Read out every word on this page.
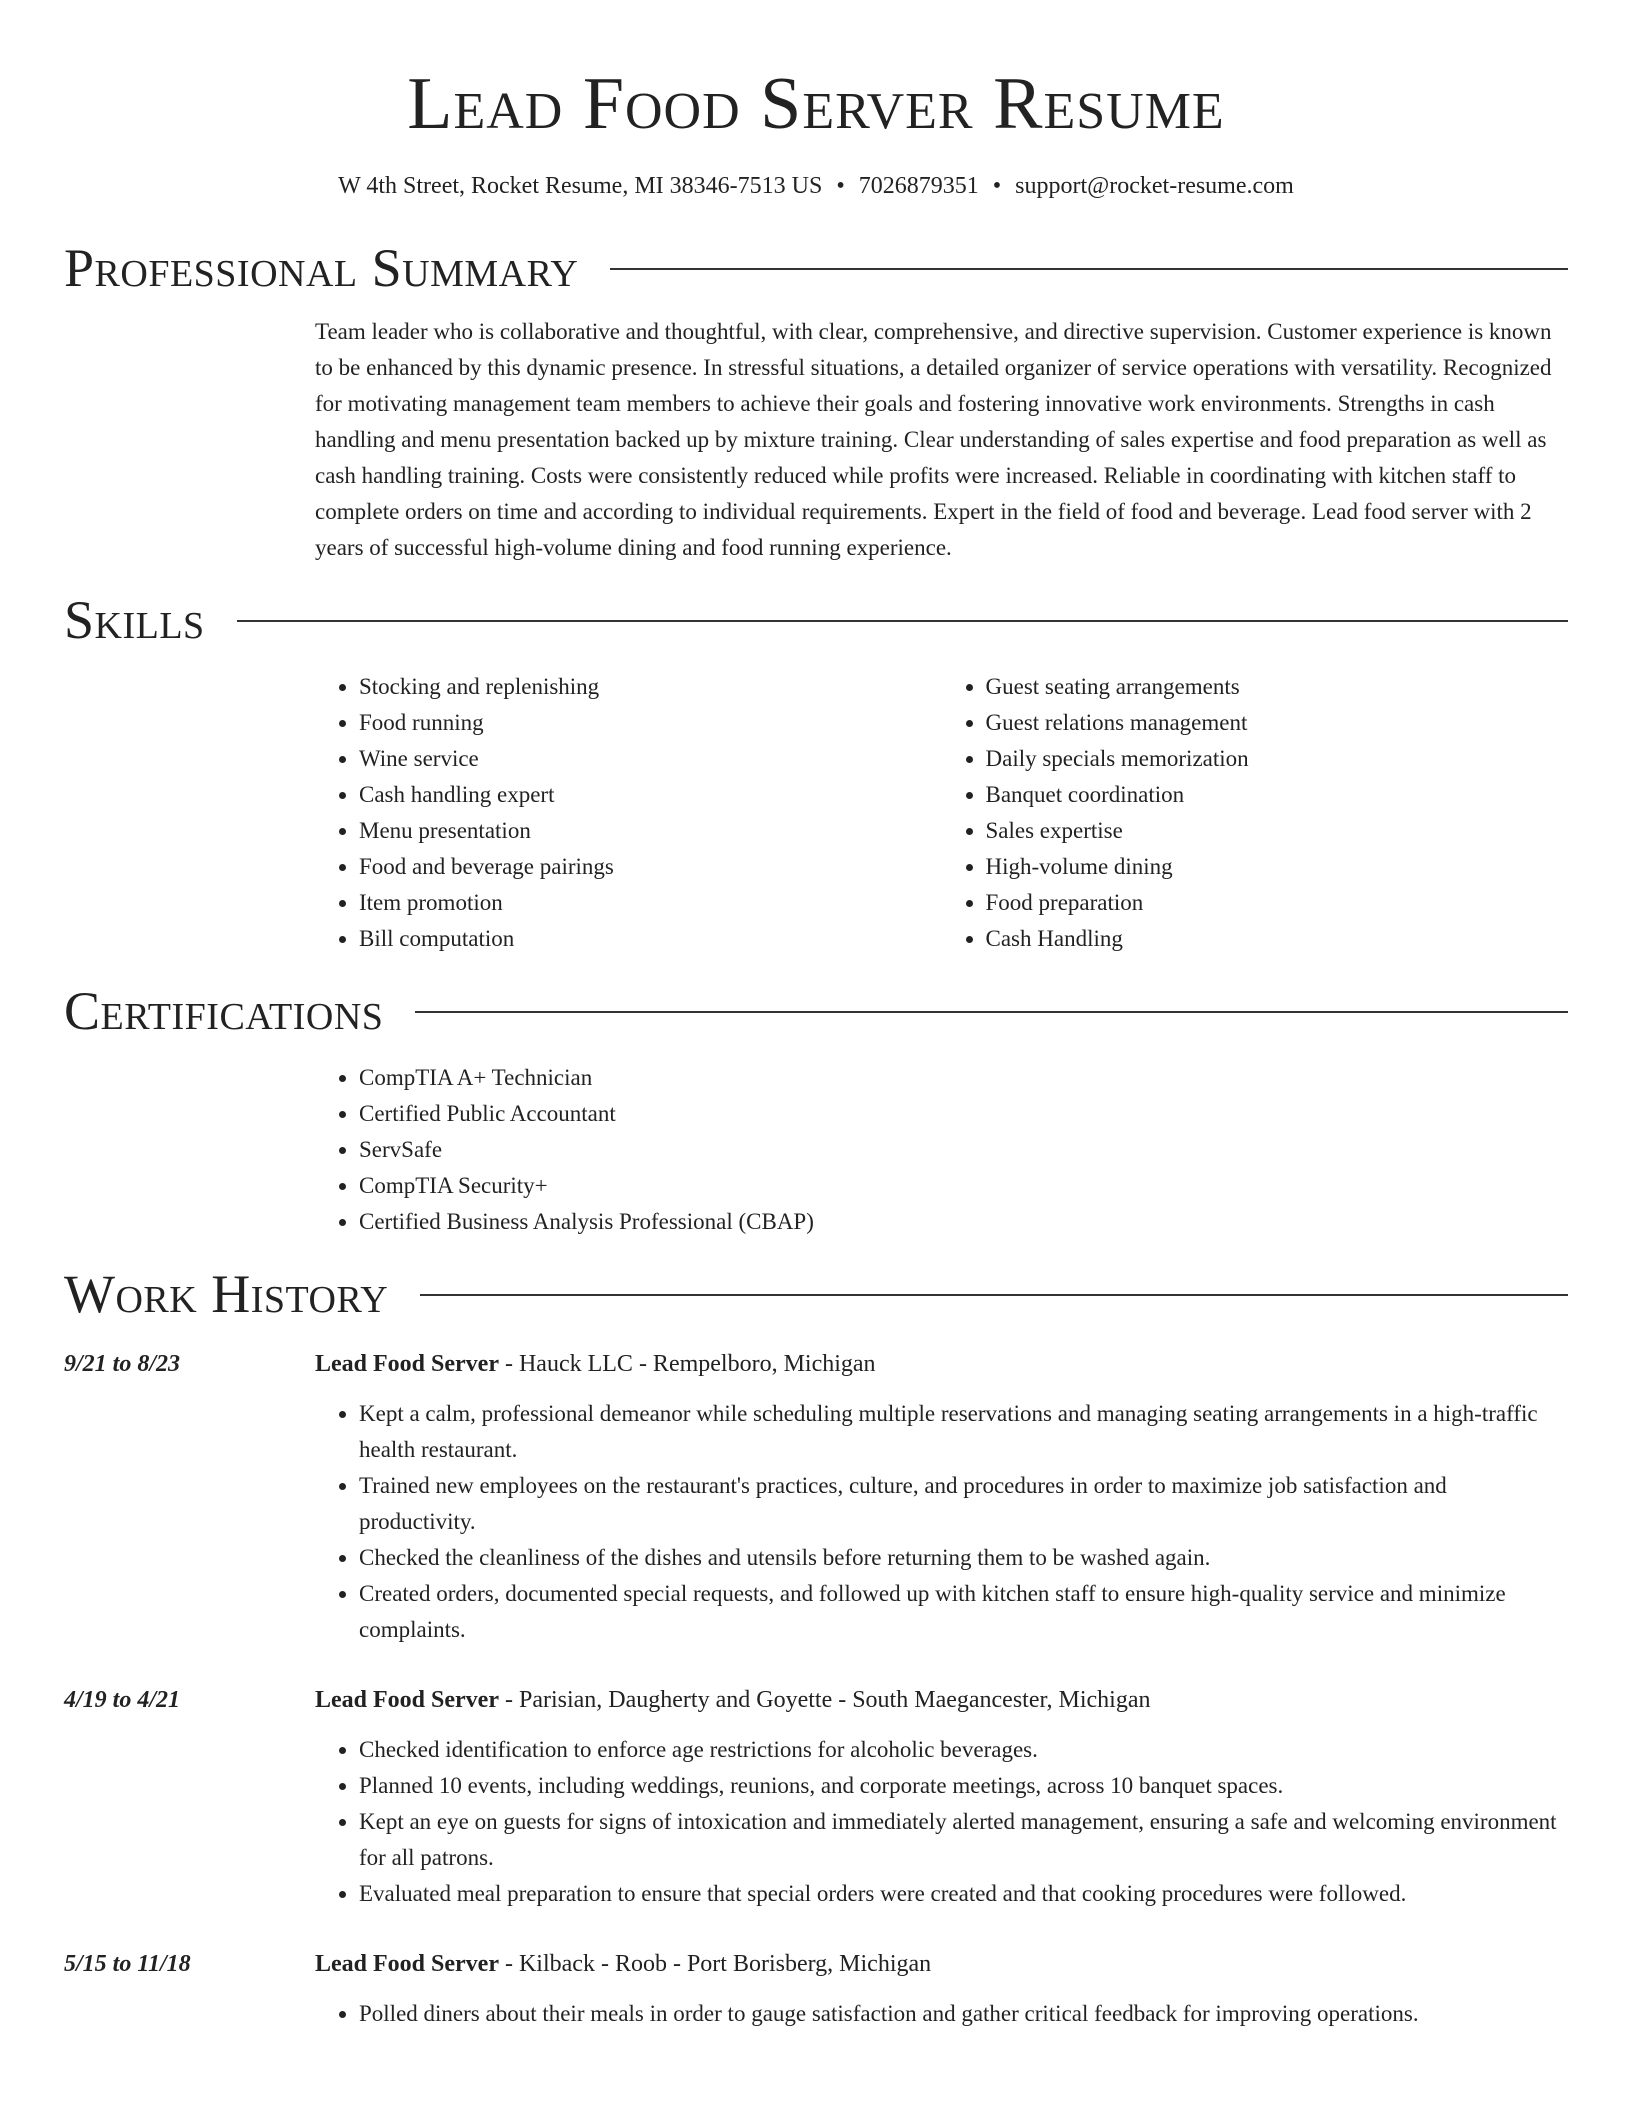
Lead Food Server Resume
W 4th Street, Rocket Resume, MI 38346-7513 US • 7026879351 • support@rocket-resume.com
Professional Summary

Team leader who is collaborative and thoughtful, with clear, comprehensive, and directive supervision. Customer experience is known to be enhanced by this dynamic presence. In stressful situations, a detailed organizer of service operations with versatility. Recognized for motivating management team members to achieve their goals and fostering innovative work environments. Strengths in cash handling and menu presentation backed up by mixture training. Clear understanding of sales expertise and food preparation as well as cash handling training. Costs were consistently reduced while profits were increased. Reliable in coordinating with kitchen staff to complete orders on time and according to individual requirements. Expert in the field of food and beverage. Lead food server with 2 years of successful high-volume dining and food running experience.

Skills
• Stocking and replenishing
• Food running
• Wine service
• Cash handling expert
• Menu presentation
• Food and beverage pairings
• Item promotion
• Bill computation
• Guest seating arrangements
• Guest relations management
• Daily specials memorization
• Banquet coordination
• Sales expertise
• High-volume dining
• Food preparation
• Cash Handling
Certifications
• CompTIA A+ Technician
• Certified Public Accountant
• ServSafe
• CompTIA Security+
• Certified Business Analysis Professional (CBAP)
Work History
9/21 to 8/23	Lead Food Server - Hauck LLC - Rempelboro, Michigan
• Kept a calm, professional demeanor while scheduling multiple reservations and managing seating arrangements in a high-traffic health restaurant.
• Trained new employees on the restaurant's practices, culture, and procedures in order to maximize job satisfaction and productivity.
• Checked the cleanliness of the dishes and utensils before returning them to be washed again.
• Created orders, documented special requests, and followed up with kitchen staff to ensure high-quality service and minimize complaints.
4/19 to 4/21	Lead Food Server - Parisian, Daugherty and Goyette - South Maegancester, Michigan
• Checked identification to enforce age restrictions for alcoholic beverages.
• Planned 10 events, including weddings, reunions, and corporate meetings, across 10 banquet spaces.
• Kept an eye on guests for signs of intoxication and immediately alerted management, ensuring a safe and welcoming environment for all patrons.
• Evaluated meal preparation to ensure that special orders were created and that cooking procedures were followed.
5/15 to 11/18	Lead Food Server - Kilback - Roob - Port Borisberg, Michigan
• Polled diners about their meals in order to gauge satisfaction and gather critical feedback for improving operations.
